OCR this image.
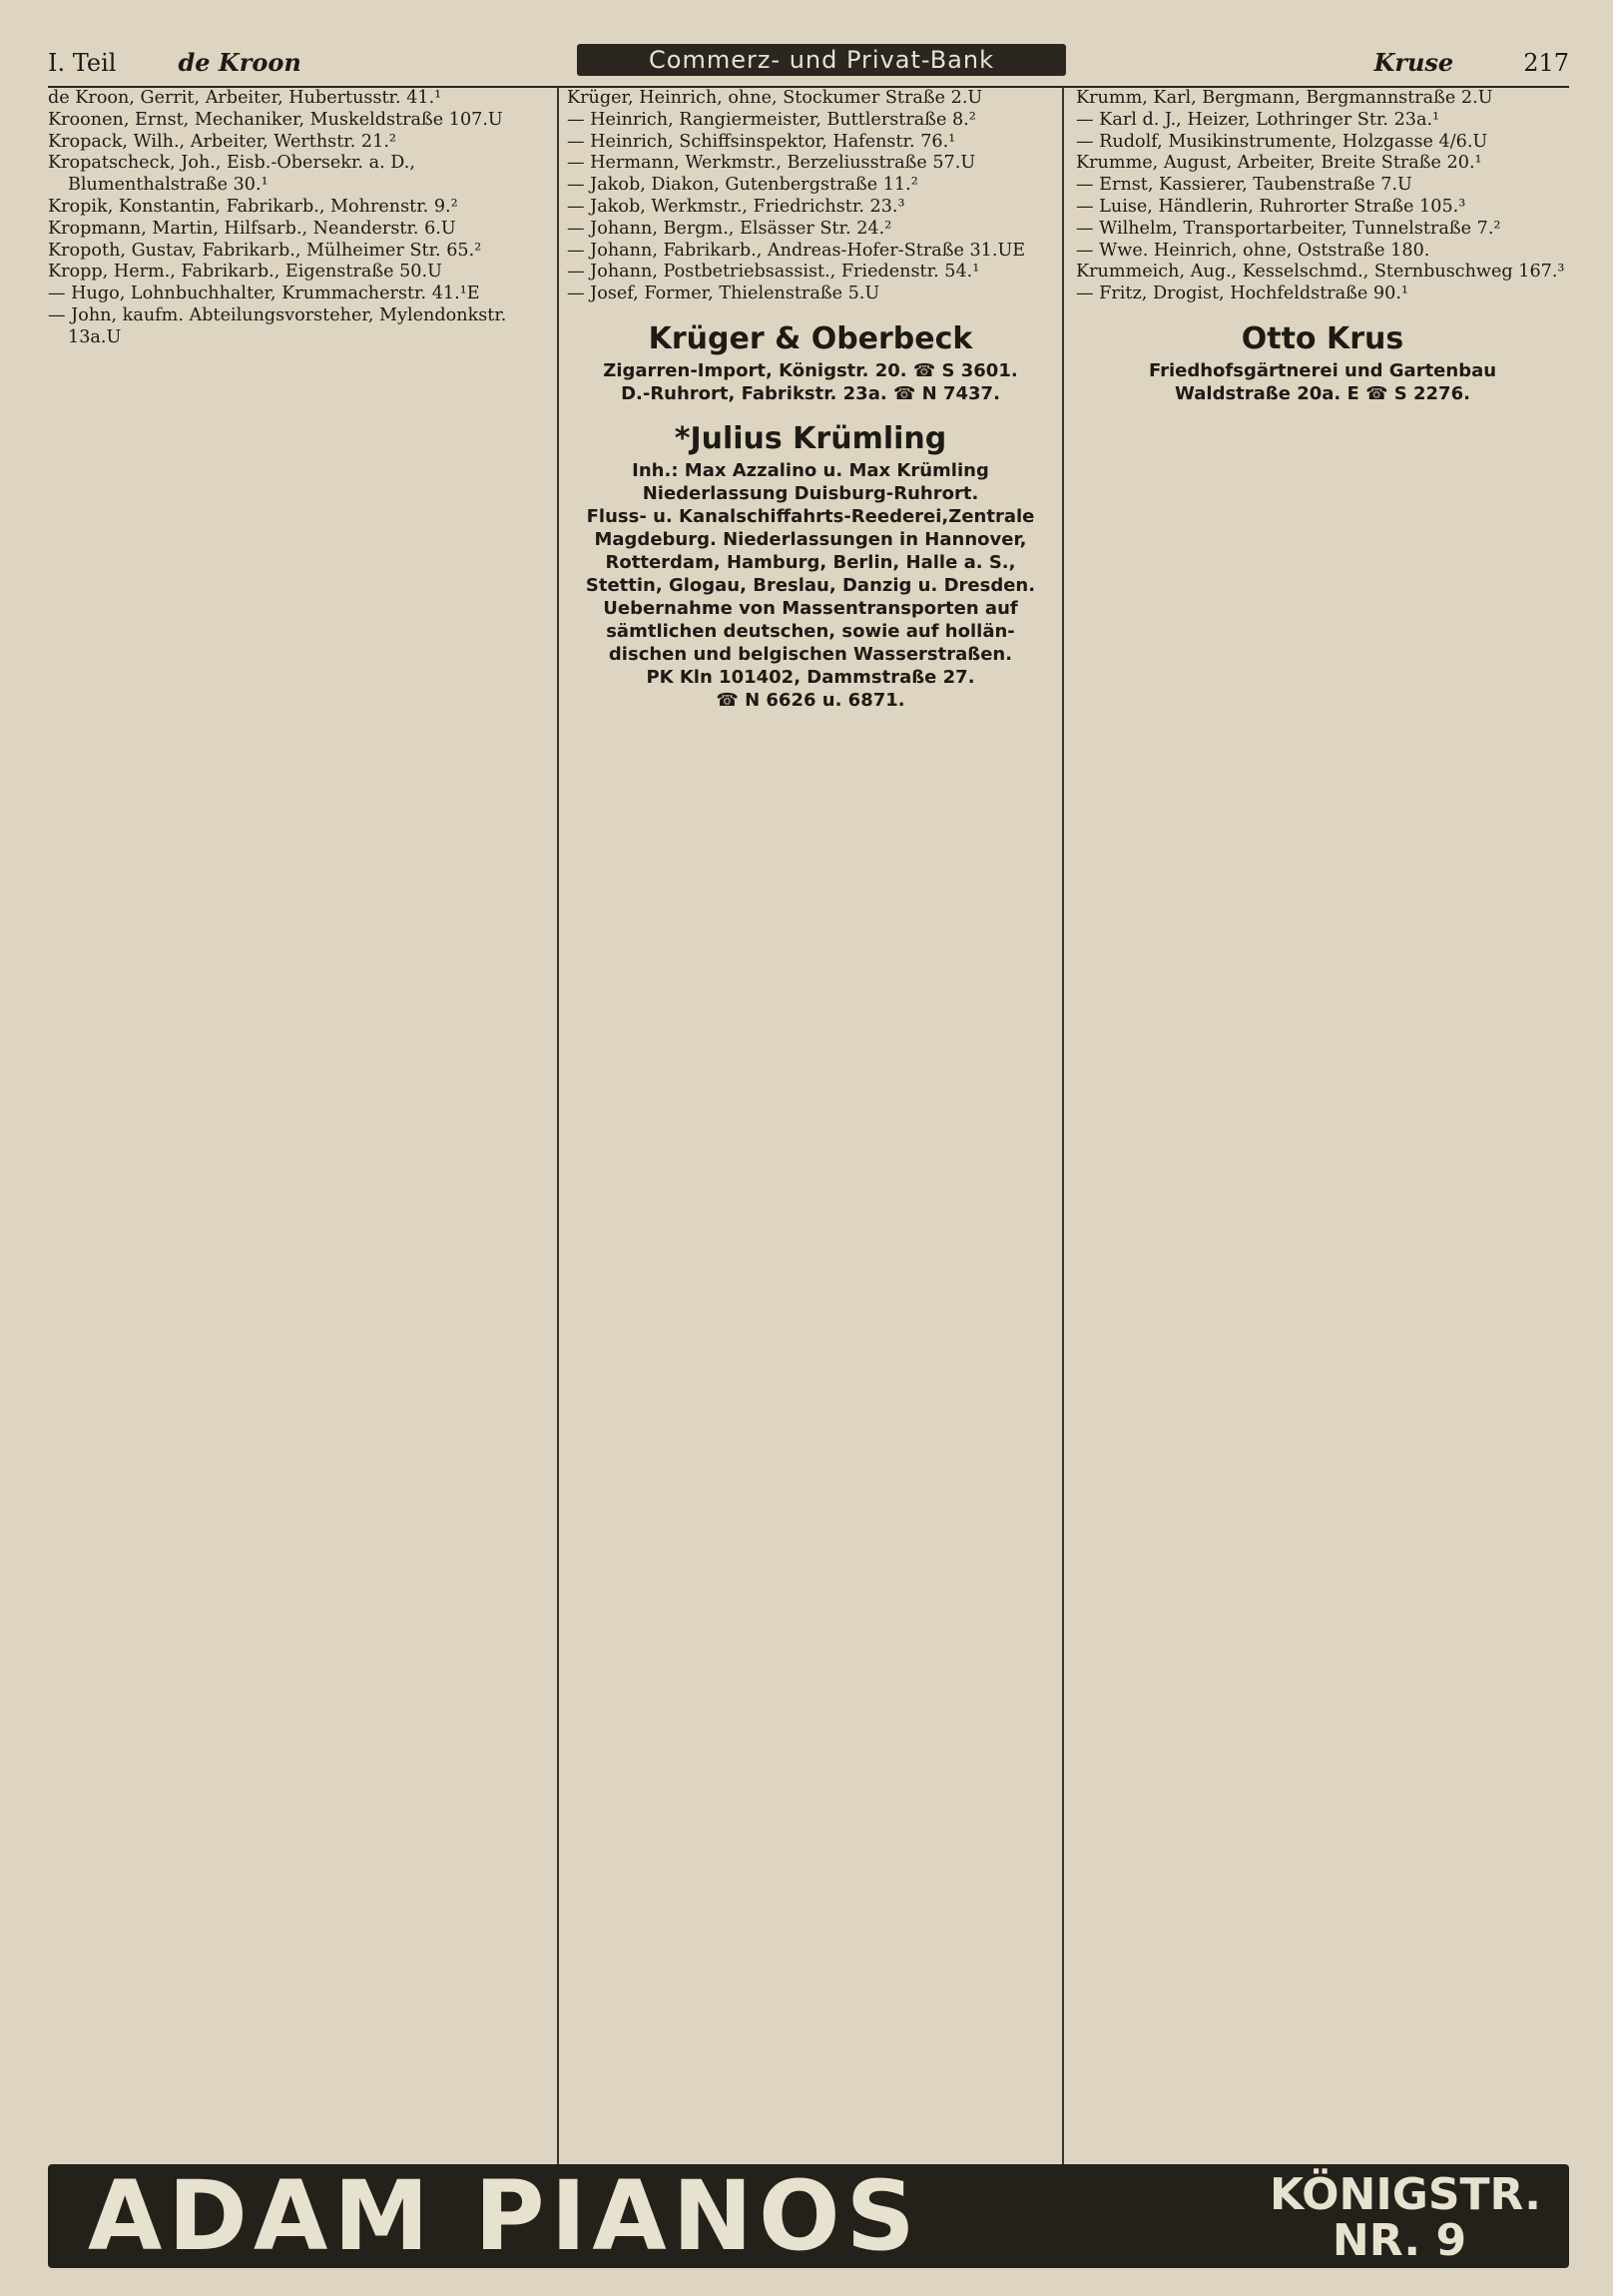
I. Teil	de Kroon	Commerz- und Privat-Bank	Kruse	217
de Kroon, Gerrit, Arbeiter, Hubertusstr. 41.¹
Kroonen, Ernst, Mechaniker, Muskeldstraße 107.U
Kropack, Wilh., Arbeiter, Werthstr. 21.²
Kropatscheck, Joh., Eisb.-Obersekr. a. D., Blumenthalstraße 30.¹
Kropik, Konstantin, Fabrikarb., Mohrenstr. 9.²
Kropmann, Martin, Hilfsarb., Neanderstr. 6.U
Kropoth, Gustav, Fabrikarb., Mülheimer Str. 65.²
Kropp, Herm., Fabrikarb., Eigenstraße 50.U
— Hugo, Lohnbuchhalter, Krummacherstr. 41.¹E
— John, kaufm. Abteilungsvorsteher, Mylendonkstr. 13a.U
Krüger, Heinrich, ohne, Stockumer Straße 2.U
— Heinrich, Rangiermeister, Buttlerstraße 8.²
— Heinrich, Schiffsinspektor, Hafenstr. 76.¹
— Hermann, Werkmstr., Berzeliusstraße 57.U
— Jakob, Diakon, Gutenbergstraße 11.²
— Jakob, Werkmstr., Friedrichstr. 23.³
— Johann, Bergm., Elsässer Str. 24.²
— Johann, Fabrikarb., Andreas-Hofer-Straße 31.UE
— Johann, Postbetriebsassist., Friedenstr. 54.¹
— Josef, Former, Thielenstraße 5.U
Krüger & Oberbeck
Zigarren-Import, Königstr. 20. ☎ S 3601.
D.-Ruhrort, Fabrikstr. 23a. ☎ N 7437.
*Julius Krümling
Inh.: Max Azzalino u. Max Krümling
Niederlassung Duisburg-Ruhrort.
Fluss- u. Kanalschiffahrts-Reederei,Zentrale
Magdeburg. Niederlassungen in Hannover,
Rotterdam, Hamburg, Berlin, Halle a. S.,
Stettin, Glogau, Breslau, Danzig u. Dresden.
Uebernahme von Massentransporten auf
sämtlichen deutschen, sowie auf hollän-
dischen und belgischen Wasserstraßen.
PK Kln 101402, Dammstraße 27.
☎ N 6626 u. 6871.
Krumm, Karl, Bergmann, Bergmannstraße 2.U
— Karl d. J., Heizer, Lothringer Str. 23a.¹
— Rudolf, Musikinstrumente, Holzgasse 4/6.U
Krumme, August, Arbeiter, Breite Straße 20.¹
— Ernst, Kassierer, Taubenstraße 7.U
— Luise, Händlerin, Ruhrorter Straße 105.³
— Wilhelm, Transportarbeiter, Tunnelstraße 7.²
— Wwe. Heinrich, ohne, Oststraße 180.
Krummeich, Aug., Kesselschmd., Sternbuschweg 167.³
— Fritz, Drogist, Hochfeldstraße 90.¹
Otto Krus
Friedhofsgärtnerei und Gartenbau
Waldstraße 20a. E ☎ S 2276.
ADAM PIANOS	KÖNIGSTR.
NR. 9
